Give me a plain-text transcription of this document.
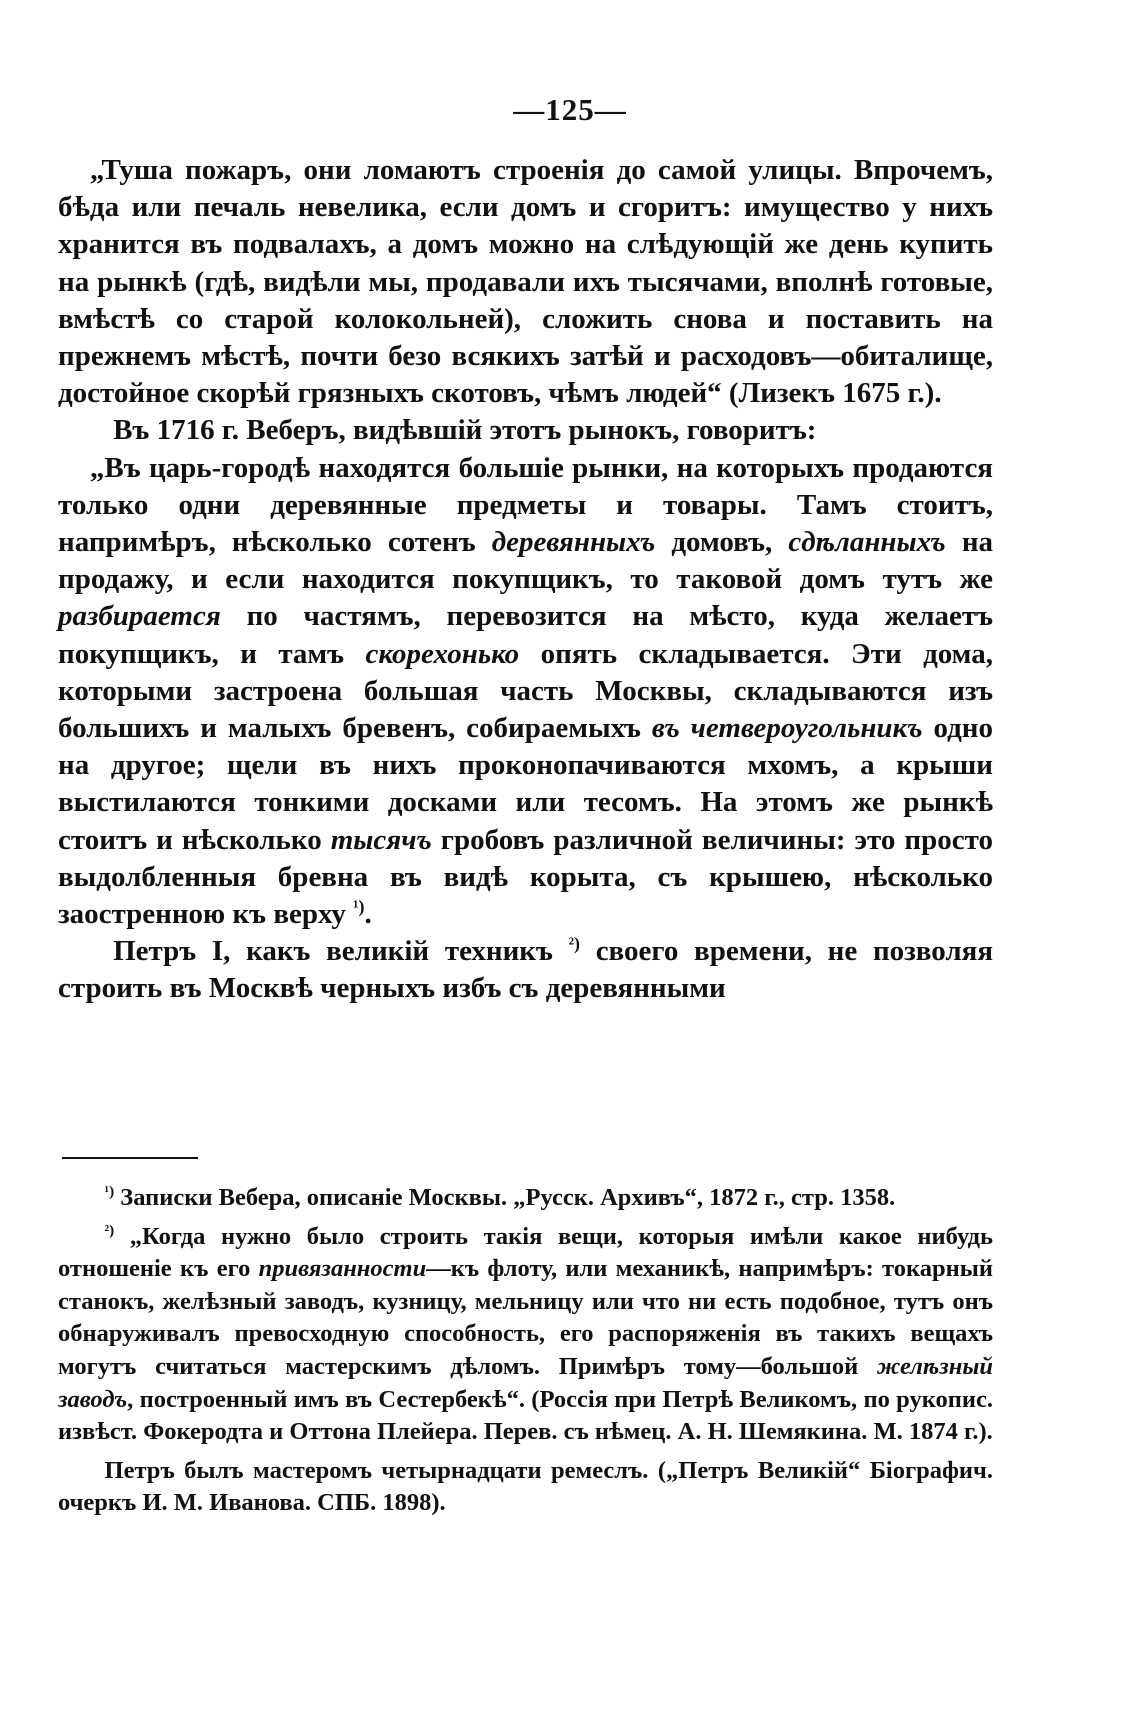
—125—

„Туша пожаръ, они ломаютъ строенія до самой улицы. Впрочемъ, бѣда или печаль невелика, если домъ и сгоритъ: имущество у нихъ хранится въ подвалахъ, а домъ можно на слѣдующій же день купить на рынкѣ (гдѣ, видѣли мы, продавали ихъ тысячами, вполнѣ готовые, вмѣстѣ со старой колокольней), сложить снова и поставить на прежнемъ мѣстѣ, почти безо всякихъ затѣй и расходовъ—обиталище, достойное скорѣй грязныхъ скотовъ, чѣмъ людей“ (Лизекъ 1675 г.).

Въ 1716 г. Веберъ, видѣвшій этотъ рынокъ, говоритъ:

„Въ царь-городѣ находятся большіе рынки, на которыхъ продаются только одни деревянные предметы и товары. Тамъ стоитъ, напримѣръ, нѣсколько сотенъ деревянныхъ домовъ, сдѣланныхъ на продажу, и если находится покупщикъ, то таковой домъ тутъ же разбирается по частямъ, перевозится на мѣсто, куда желаетъ покупщикъ, и тамъ скорехонько опять складывается. Эти дома, которыми застроена большая часть Москвы, складываются изъ большихъ и малыхъ бревенъ, собираемыхъ въ четвероугольникъ одно на другое; щели въ нихъ проконопачиваются мхомъ, а крыши выстилаются тонкими досками или тесомъ. На этомъ же рынкѣ стоитъ и нѣсколько тысячъ гробовъ различной величины: это просто выдолбленныя бревна въ видѣ корыта, съ крышею, нѣсколько заостренною къ верху $^{^1)}$.

Петръ I, какъ великій техникъ $^{^2)}$ своего времени, не позволяя строить въ Москвѣ черныхъ избъ съ деревянными

$^{^1)}$ Записки Вебера, описаніе Москвы. „Русск. Архивъ“, 1872 г., стр. 1358.

$^{^2)}$ „Когда нужно было строить такія вещи, которыя имѣли какое нибудь отношеніе къ его привязанности—къ флоту, или механикѣ, напримѣръ: токарный станокъ, желѣзный заводъ, кузницу, мельницу или что ни есть подобное, тутъ онъ обнаруживалъ превосходную способность, его распоряженія въ такихъ вещахъ могутъ считаться мастерскимъ дѣломъ. Примѣръ тому—большой желѣзный заводъ, построенный имъ въ Сестербекѣ“. (Россія при Петрѣ Великомъ, по рукопис. извѣст. Фокеродта и Оттона Плейера. Перев. съ нѣмец. А. Н. Шемякина. М. 1874 г.).

Петръ былъ мастеромъ четырнадцати ремеслъ. („Петръ Великій“ Біографич. очеркъ И. М. Иванова. СПБ. 1898).
